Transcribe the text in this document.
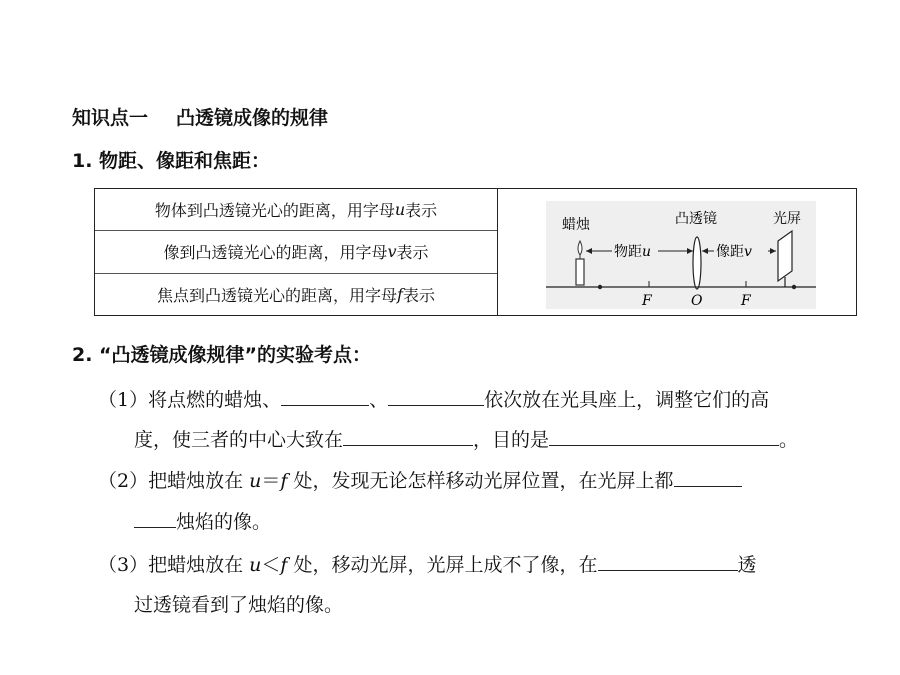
知识点一 凸透镜成像的规律
1. 物距、像距和焦距：
物体到凸透镜光心的距离，用字母 u 表示
像到凸透镜光心的距离，用字母 v 表示
焦点到凸透镜光心的距离，用字母 f 表示
蜡烛	凸透镜	光屏
物距u	像距v
F	O	F
2. “凸透镜成像规律”的实验考点：
（1）将点燃的蜡烛、	、	依次放在光具座上，调整它们的高
度，使三者的中心大致在	，目的是	。
（2）把蜡烛放在 u＝f 处，发现无论怎样移动光屏位置，在光屏上都
烛焰的像。
（3）把蜡烛放在 u＜f 处，移动光屏，光屏上成不了像，在	透
过透镜看到了烛焰的像。
